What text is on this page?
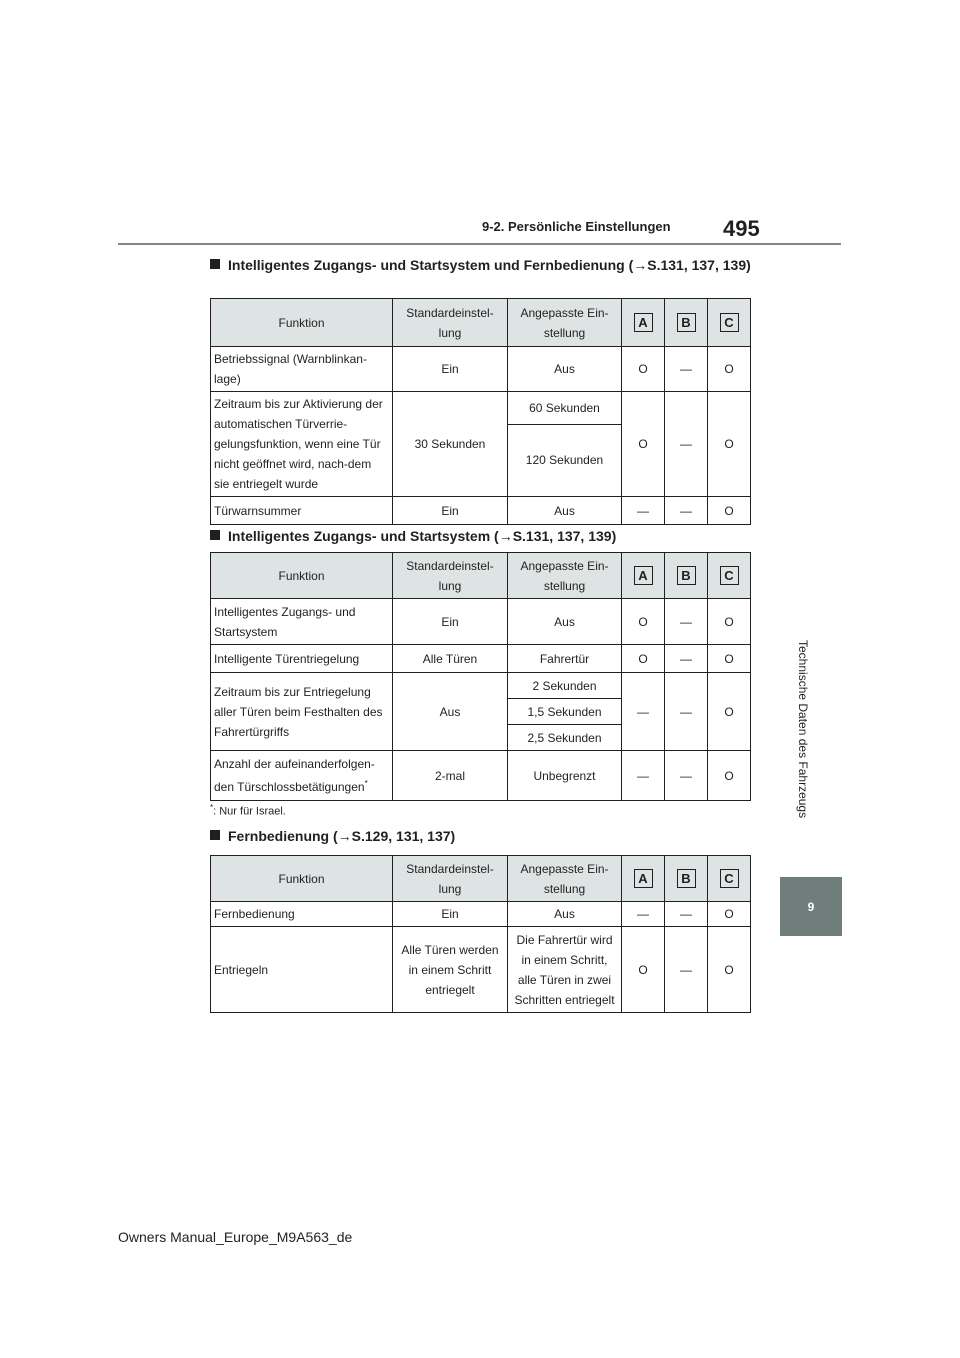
495
9-2. Persönliche Einstellungen
Technische Daten des Fahrzeugs
9
Intelligentes Zugangs- und Startsystem und Fernbedienung (→S.131, 137, 139)
Funktion	Standardeinstel-lung	Angepasste Ein-stellung	A	B	C
Betriebssignal (Warnblinkan-lage)	Ein	Aus	O	—	O
Zeitraum bis zur Aktivierung der automatischen Türverrie-gelungsfunktion, wenn eine Tür nicht geöffnet wird, nach-dem sie entriegelt wurde	30 Sekunden	60 Sekunden	O	—	O
		120 Sekunden			
Türwarnsummer	Ein	Aus	—	—	O
Intelligentes Zugangs- und Startsystem (→S.131, 137, 139)
Funktion	Standardeinstel-lung	Angepasste Ein-stellung	A	B	C
Intelligentes Zugangs- und Startsystem	Ein	Aus	O	—	O
Intelligente Türentriegelung	Alle Türen	Fahrertür	O	—	O
Zeitraum bis zur Entriegelung aller Türen beim Festhalten des Fahrertürgriffs	Aus	2 Sekunden	—	—	O
		1,5 Sekunden			
		2,5 Sekunden			
Anzahl der aufeinanderfolgen-den Türschlossbetätigungen*	2-mal	Unbegrenzt	—	—	O
*: Nur für Israel.
Fernbedienung (→S.129, 131, 137)
Funktion	Standardeinstel-lung	Angepasste Ein-stellung	A	B	C
Fernbedienung	Ein	Aus	—	—	O
Entriegeln	Alle Türen werden in einem Schritt entriegelt	Die Fahrertür wird in einem Schritt, alle Türen in zwei Schritten entriegelt	O	—	O
Owners Manual_Europe_M9A563_de
